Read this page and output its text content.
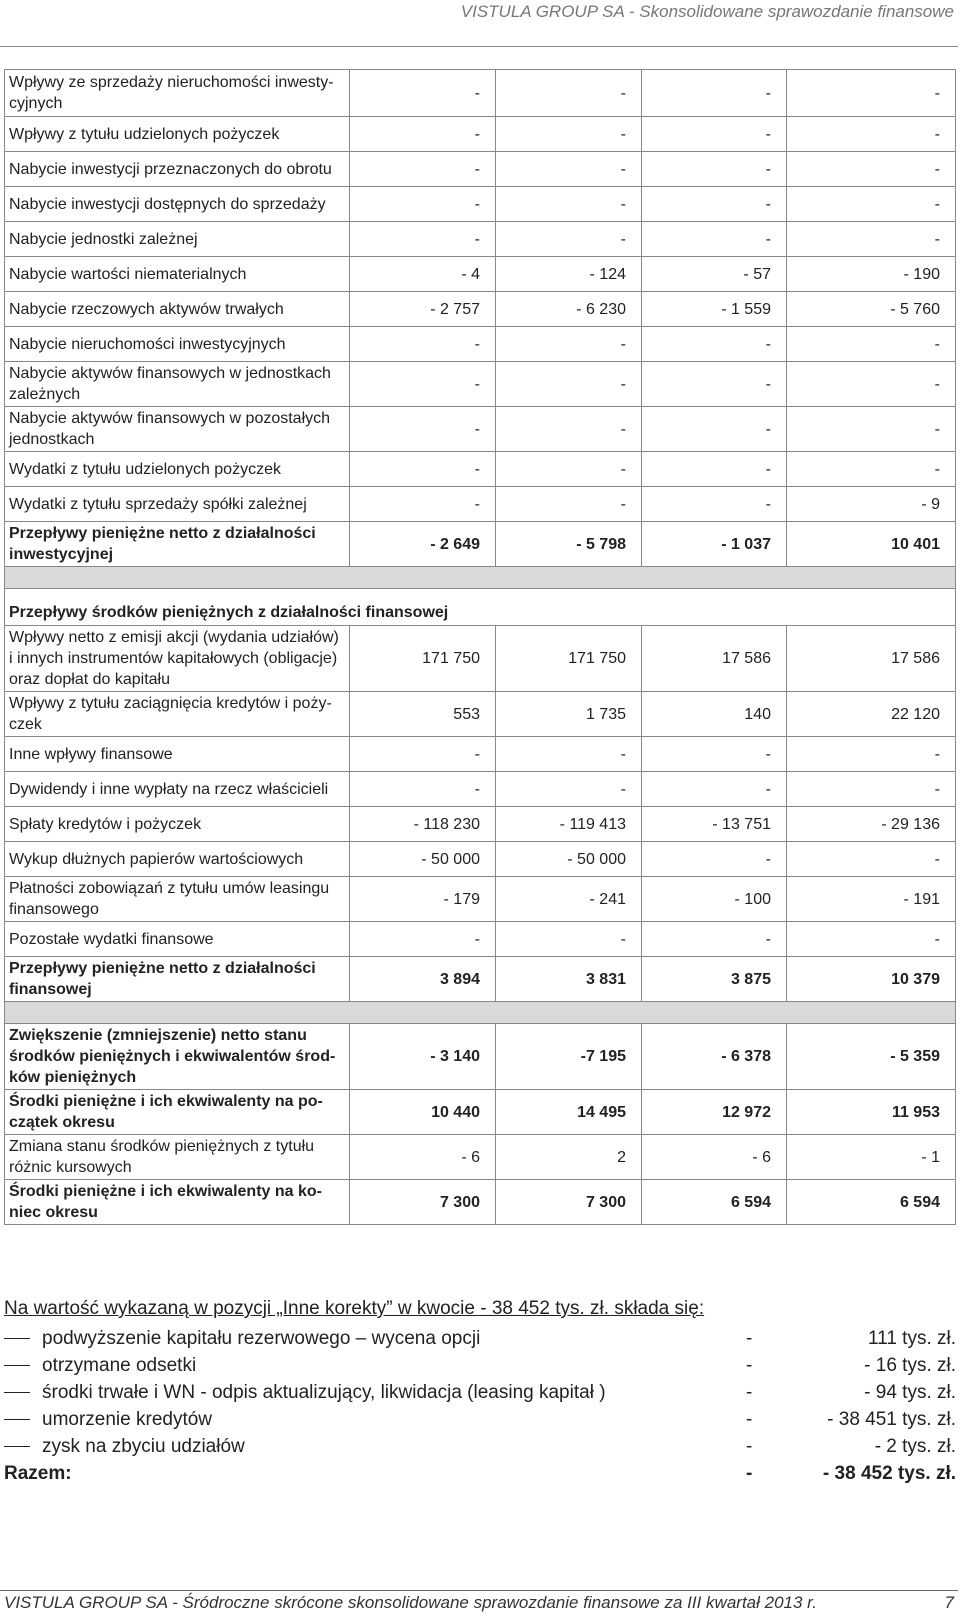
VISTULA GROUP SA - Skonsolidowane sprawozdanie finansowe
Wpływy ze sprzedaży nieruchomości inwesty-cyjnych	-	-	-	-
Wpływy z tytułu udzielonych pożyczek	-	-	-	-
Nabycie inwestycji przeznaczonych do obrotu	-	-	-	-
Nabycie inwestycji dostępnych do sprzedaży	-	-	-	-
Nabycie jednostki zależnej	-	-	-	-
Nabycie wartości niematerialnych	- 4	- 124	- 57	- 190
Nabycie rzeczowych aktywów trwałych	- 2 757	- 6 230	- 1 559	- 5 760
Nabycie nieruchomości inwestycyjnych	-	-	-	-
Nabycie aktywów finansowych w jednostkach zależnych	-	-	-	-
Nabycie aktywów finansowych w pozostałych jednostkach	-	-	-	-
Wydatki z tytułu udzielonych pożyczek	-	-	-	-
Wydatki z tytułu sprzedaży spółki zależnej	-	-	-	- 9
Przepływy pieniężne netto z działalności inwestycyjnej	- 2 649	- 5 798	- 1 037	10 401

Przepływy środków pieniężnych z działalności finansowej				
Wpływy netto z emisji akcji (wydania udziałów) i innych instrumentów kapitałowych (obligacje) oraz dopłat do kapitału	171 750	171 750	17 586	17 586
Wpływy z tytułu zaciągnięcia kredytów i poży-czek	553	1 735	140	22 120
Inne wpływy finansowe	-	-	-	-
Dywidendy i inne wypłaty na rzecz właścicieli	-	-	-	-
Spłaty kredytów i pożyczek	- 118 230	- 119 413	- 13 751	- 29 136
Wykup dłużnych papierów wartościowych	- 50 000	- 50 000	-	-
Płatności zobowiązań z tytułu umów leasingu finansowego	- 179	- 241	- 100	- 191
Pozostałe wydatki finansowe	-	-	-	-
Przepływy pieniężne netto z działalności finansowej	3 894	3 831	3 875	10 379

Zwiększenie (zmniejszenie) netto stanu środków pieniężnych i ekwiwalentów środ-ków pieniężnych	- 3 140	-7 195	- 6 378	- 5 359
Środki pieniężne i ich ekwiwalenty na po-czątek okresu	10 440	14 495	12 972	11 953
Zmiana stanu środków pieniężnych z tytułu różnic kursowych	- 6	2	- 6	- 1
Środki pieniężne i ich ekwiwalenty na ko-niec okresu	7 300	7 300	6 594	6 594
Na wartość wykazaną w pozycji „Inne korekty” w kwocie - 38 452 tys. zł. składa się:
podwyższenie kapitału rezerwowego – wycena opcji	-	111 tys. zł.
otrzymane odsetki	-	- 16 tys. zł.
środki trwałe i WN - odpis aktualizujący, likwidacja (leasing kapitał )	-	- 94 tys. zł.
umorzenie kredytów	-	- 38 451 tys. zł.
zysk na zbyciu udziałów	-	- 2 tys. zł.
Razem:	-	- 38 452 tys. zł.
VISTULA GROUP SA - Śródroczne skrócone skonsolidowane sprawozdanie finansowe za III kwartał 2013 r.	7
